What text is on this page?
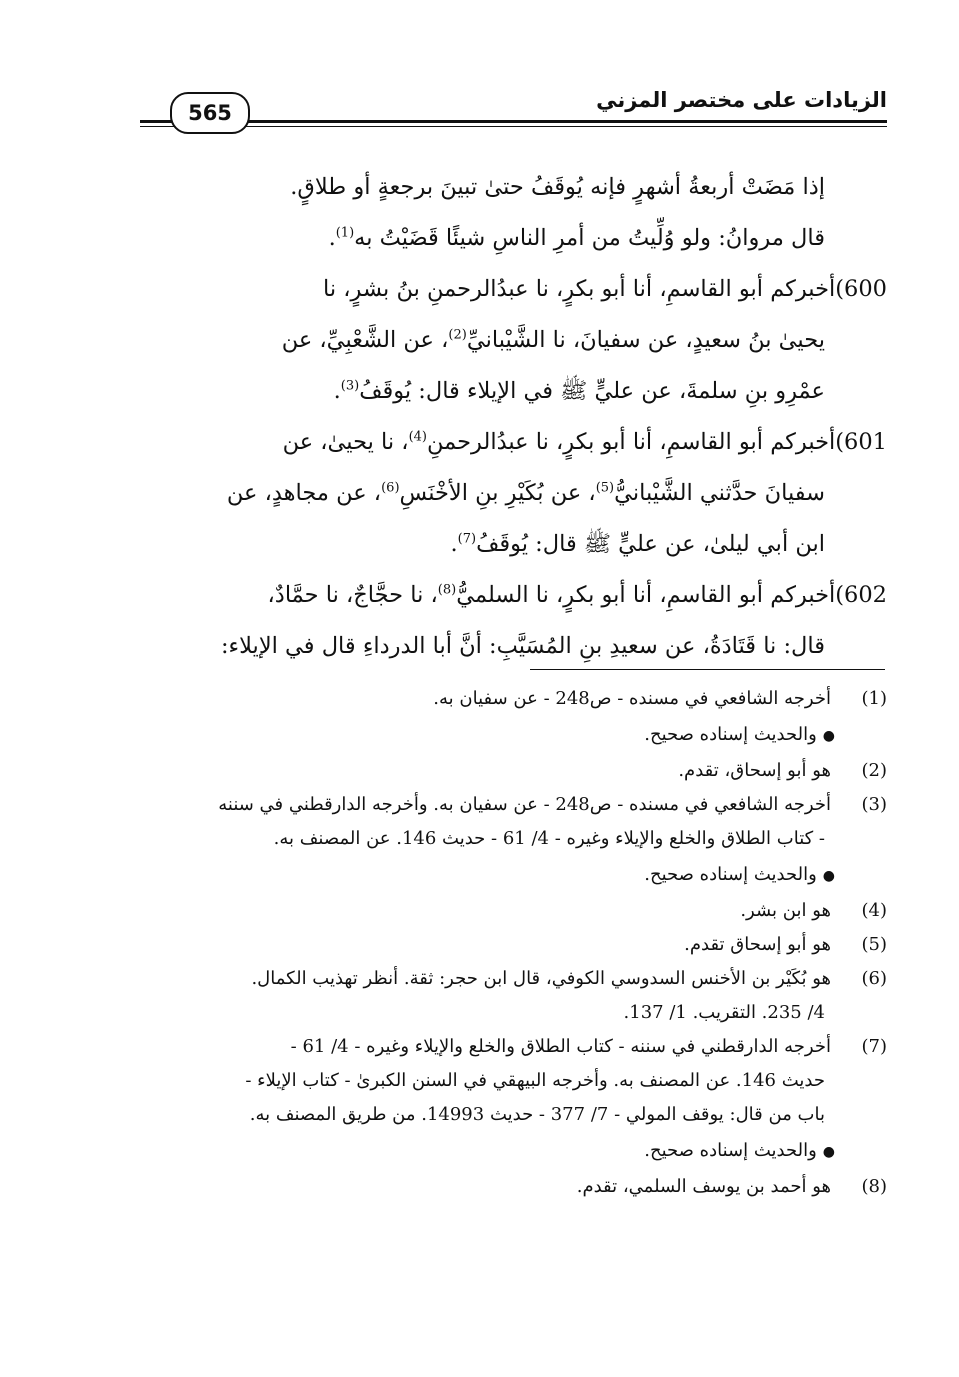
565
الزيادات على مختصر المزني
إذا مَضَتْ أربعةُ أشهرٍ فإنه يُوقَفُ حتىٰ تبينَ برجعةٍ أو طلاقٍ.
قال مروانُ: ولو وُلِّيتُ من أمرِ الناسِ شيئًا قَضَيْتُ به$^{(1)}$.
600)أخبركم أبو القاسمِ، أنا أبو بكرٍ، نا عبدُالرحمنِ بنُ بشرٍ، نا
يحيىٰ بنُ سعيدٍ، عن سفيانَ، نا الشَّيْبانيِّ$^{(2)}$، عن الشَّعْبِيِّ، عن
عمْرِو بنِ سلمةَ، عن عليٍّ ﷺ في الإيلاء قال: يُوقَفُ$^{(3)}$.
601)أخبركم أبو القاسمِ، أنا أبو بكرٍ، نا عبدُالرحمنِ$^{(4)}$، نا يحيىٰ، عن
سفيانَ حدَّثني الشَّيْبانيُّ$^{(5)}$، عن بُكَيْرِ بنِ الأخْنَسِ$^{(6)}$، عن مجاهدٍ، عن
ابن أبي ليلىٰ، عن عليٍّ ﷺ قال: يُوقَفُ$^{(7)}$.
602)أخبركم أبو القاسمِ، أنا أبو بكرٍ، نا السلميُّ$^{(8)}$، نا حجَّاجٌ، نا حمَّادٌ،
قال: نا قَتَادَةُ، عن سعيدِ بنِ المُسَيَّبِ: أنَّ أبا الدرداءِ قال في الإيلاء:
(1)أخرجه الشافعي في مسنده - ص248 - عن سفيان به.
●والحديث إسناده صحيح.
(2)هو أبو إسحاق، تقدم.
(3)أخرجه الشافعي في مسنده - ص248 - عن سفيان به. وأخرجه الدارقطني في سننه
- كتاب الطلاق والخلع والإيلاء وغيره - 4/ 61 - حديث 146. عن المصنف به.
●والحديث إسناده صحيح.
(4)هو ابن بشر.
(5)هو أبو إسحاق تقدم.
(6)هو بُكَيْر بن الأخنس السدوسي الكوفي، قال ابن حجر: ثقة. أنظر تهذيب الكمال.
4/ 235. التقريب. 1/ 137.
(7)أخرجه الدارقطني في سننه - كتاب الطلاق والخلع والإيلاء وغيره - 4/ 61 -
حديث 146. عن المصنف به. وأخرجه البيهقي في السنن الكبرىٰ - كتاب الإيلاء -
باب من قال: يوقف المولي - 7/ 377 - حديث 14993. من طريق المصنف به.
●والحديث إسناده صحيح.
(8)هو أحمد بن يوسف السلمي، تقدم.
